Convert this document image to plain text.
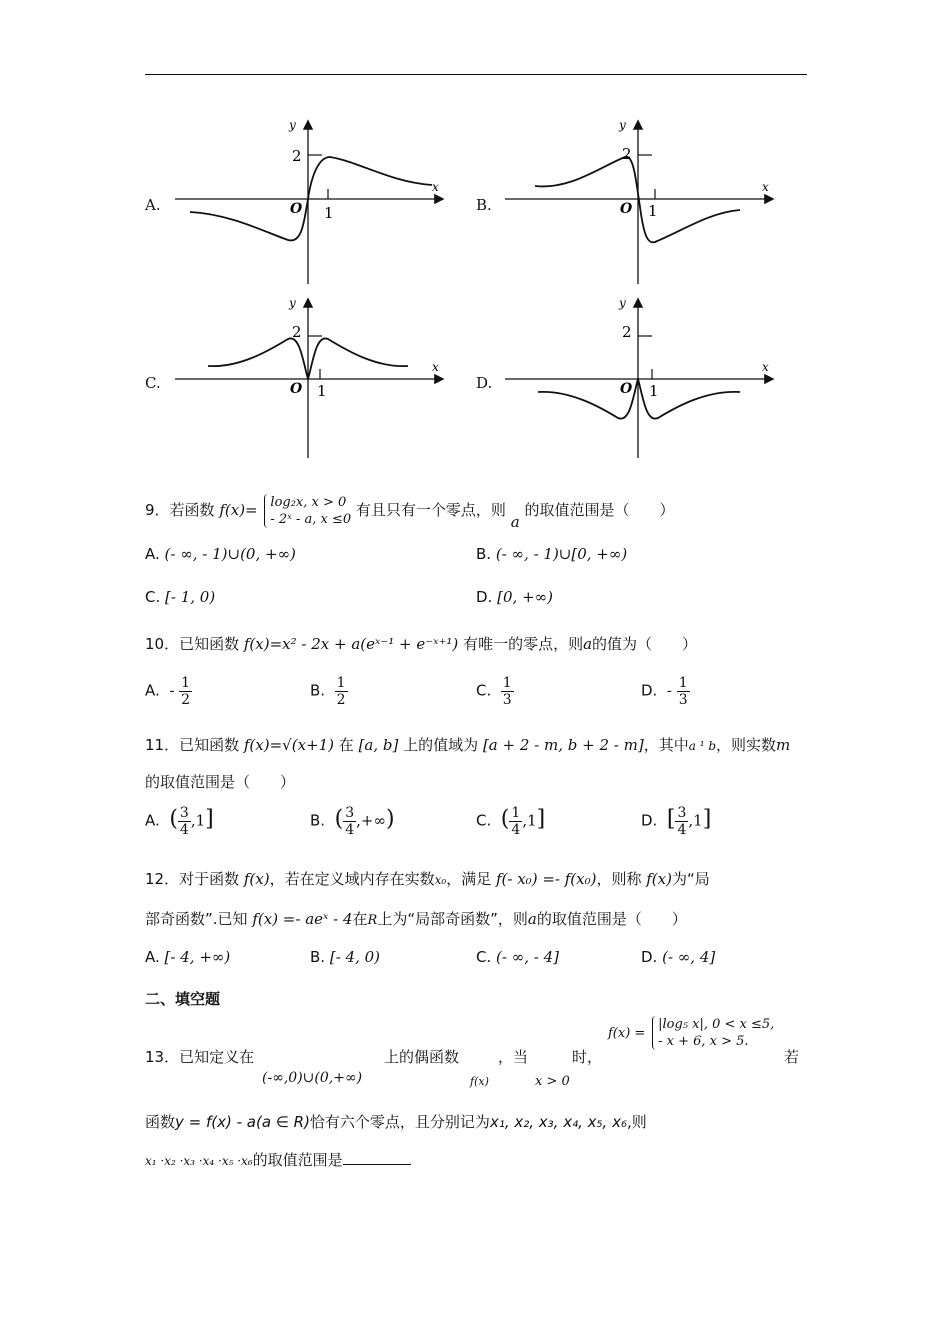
A.
y
x
O
2
1	B.
y
x
O
2
1
C.
y
x
O
2
1	D.
y
x
O
2
1
9．若函数 f(x)= log₂x, x > 0
- 2ˣ - a, x ≤0
有且只有一个零点，则 a 的取值范围是（　　）
A. (- ∞, - 1)∪(0, +∞)	B. (- ∞, - 1)∪[0, +∞)
C. [- 1, 0)	D. [0, +∞)
10．已知函数 f(x)=x² - 2x + a(eˣ⁻¹ + e⁻ˣ⁺¹) 有唯一的零点，则a的值为（　　）
A. - $\frac{1}{2}$	B. $\frac{1}{2}$	C. $\frac{1}{3}$	D. - $\frac{1}{3}$
11．已知函数 f(x)=√(x+1) 在 [a, b] 上的值域为 [a + 2 - m, b + 2 - m]，其中a ¹ b，则实数m
的取值范围是（　　）
A. ( $\frac{3}{4} ,1$]	B. ( $\frac{3}{4}$ ,+∞)	C. ( $\frac{1}{4} ,1$]	D. [ $\frac{3}{4} ,1$]
12．对于函数 f(x)，若在定义域内存在实数x₀，满足 f(- x₀) =- f(x₀)，则称 f(x)为“局
部奇函数”.已知 f(x) =- aeˣ - 4在R上为“局部奇函数”，则a的取值范围是（　　）
A. [- 4, +∞)	B. [- 4, 0)	C. (- ∞, - 4]	D. (- ∞, 4]
二、填空题
13．已知定义在
(-∞,0)∪(0,+∞)
上的偶函数
f(x)
，当
x > 0
时，
f(x) =
|log₅ x|, 0 < x ≤5,
- x + 6, x > 5.
若
函数y = f(x) - a(a ∈ R)恰有六个零点，且分别记为x₁, x₂, x₃, x₄, x₅, x₆,则
x₁ ·x₂ ·x₃ ·x₄ ·x₅ ·x₆的取值范围是
